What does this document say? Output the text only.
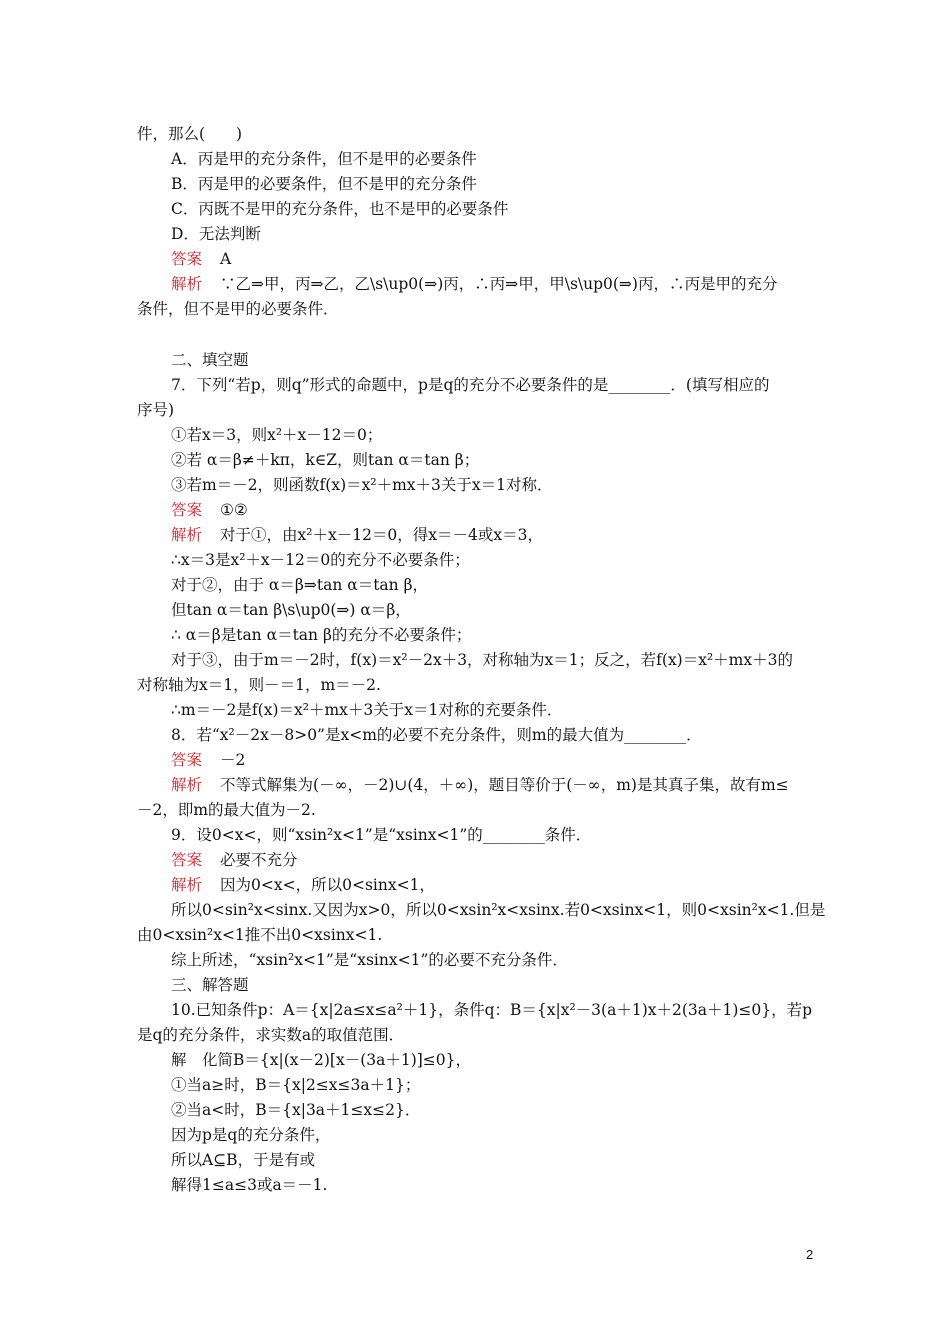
件，那么(　　)
A．丙是甲的充分条件，但不是甲的必要条件
B．丙是甲的必要条件，但不是甲的充分条件
C．丙既不是甲的充分条件，也不是甲的必要条件
D．无法判断
答案 A
解析 ∵乙⇒甲，丙⇒乙，乙\s\up0(⇒)丙，∴丙⇒甲，甲\s\up0(⇒)丙，∴丙是甲的充分
条件，但不是甲的必要条件．
二、填空题
7．下列“若p，则q”形式的命题中，p是q的充分不必要条件的是________．(填写相应的
序号)
①若x＝3，则x²＋x－12＝0；
②若 α＝β≠＋kπ，k∈Z，则tan α＝tan β；
③若m＝－2，则函数f(x)＝x²＋mx＋3关于x＝1对称．
答案 ①②
解析 对于①，由x²＋x－12＝0，得x＝－4或x＝3，
∴x＝3是x²＋x－12＝0的充分不必要条件；
对于②，由于 α＝β⇒tan α＝tan β，
但tan α＝tan β\s\up0(⇒) α＝β，
∴ α＝β是tan α＝tan β的充分不必要条件；
对于③，由于m＝－2时，f(x)＝x²－2x＋3，对称轴为x＝1；反之，若f(x)＝x²＋mx＋3的
对称轴为x＝1，则－＝1，m＝－2.
∴m＝－2是f(x)＝x²＋mx＋3关于x＝1对称的充要条件．
8．若“x²－2x－8>0”是x<m的必要不充分条件，则m的最大值为________．
答案 －2
解析 不等式解集为(－∞，－2)∪(4，＋∞)，题目等价于(－∞，m)是其真子集，故有m≤
－2，即m的最大值为－2.
9．设0<x<，则“xsin²x<1”是“xsinx<1”的________条件．
答案 必要不充分
解析 因为0<x<，所以0<sinx<1，
所以0<sin²x<sinx.又因为x>0，所以0<xsin²x<xsinx.若0<xsinx<1，则0<xsin²x<1.但是
由0<xsin²x<1推不出0<xsinx<1.
综上所述，“xsin²x<1”是“xsinx<1”的必要不充分条件．
三、解答题
10.已知条件p：A＝{x|2a≤x≤a²＋1}，条件q：B＝{x|x²－3(a＋1)x＋2(3a＋1)≤0}，若p
是q的充分条件，求实数a的取值范围．
解　化简B＝{x|(x－2)[x－(3a＋1)]≤0}，
①当a≥时，B＝{x|2≤x≤3a＋1}；
②当a<时，B＝{x|3a＋1≤x≤2}．
因为p是q的充分条件，
所以A⊆B，于是有或
解得1≤a≤3或a＝－1.
2
